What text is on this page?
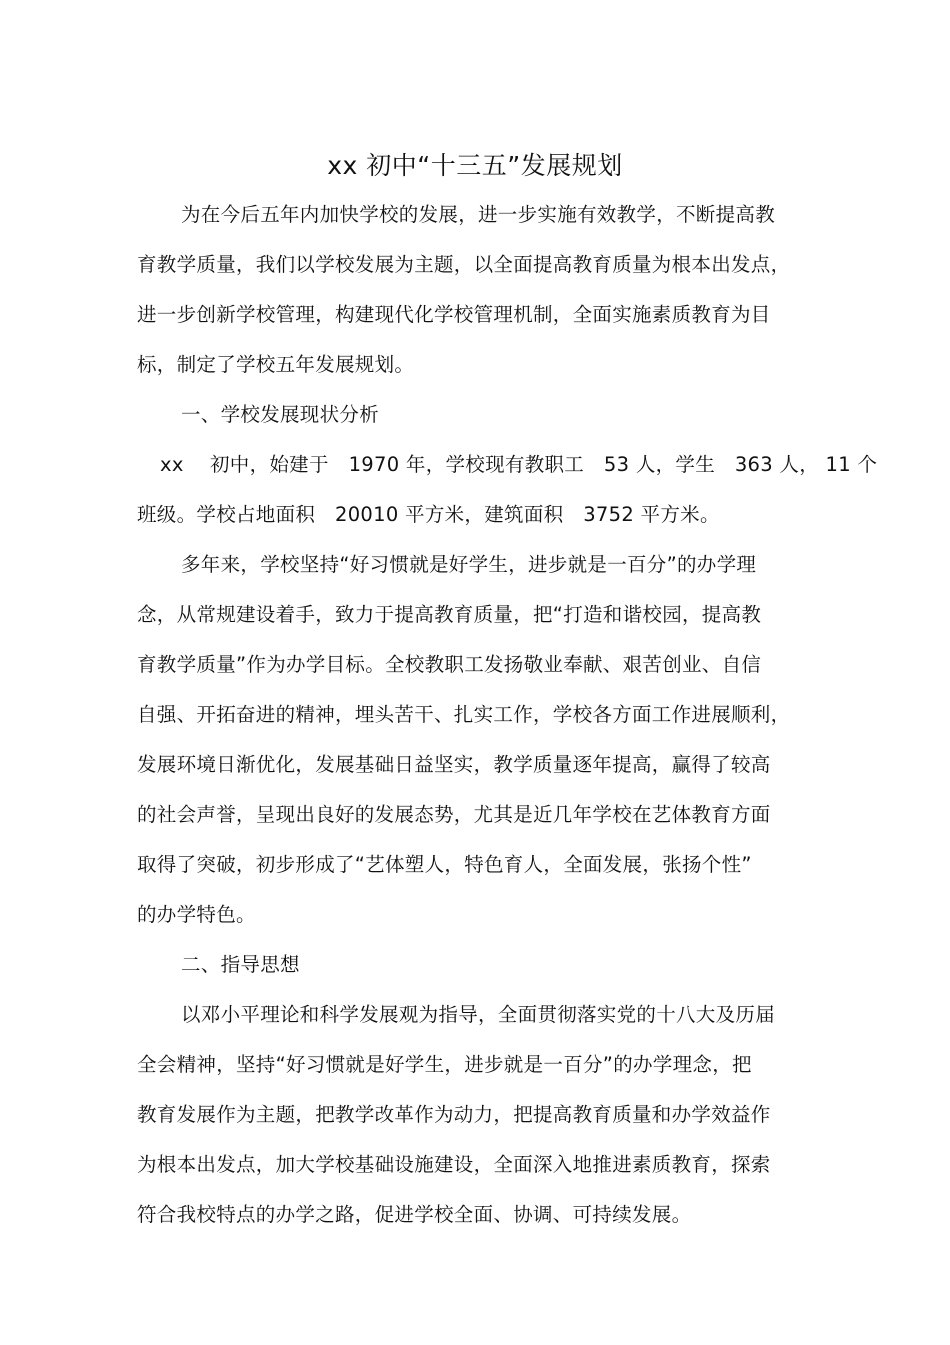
xx 初中“十三五”发展规划
为在今后五年内加快学校的发展，进一步实施有效教学，不断提高教
育教学质量，我们以学校发展为主题，以全面提高教育质量为根本出发点，
进一步创新学校管理，构建现代化学校管理机制，全面实施素质教育为目
标，制定了学校五年发展规划。
一、学校发展现状分析
xx　 初中，始建于　1970 年，学校现有教职工　53 人，学生　363 人， 11 个
班级。学校占地面积　20010 平方米，建筑面积　3752 平方米。
多年来，学校坚持“好习惯就是好学生，进步就是一百分”的办学理
念，从常规建设着手，致力于提高教育质量，把“打造和谐校园，提高教
育教学质量”作为办学目标。全校教职工发扬敬业奉献、艰苦创业、自信
自强、开拓奋进的精神，埋头苦干、扎实工作，学校各方面工作进展顺利，
发展环境日渐优化，发展基础日益坚实，教学质量逐年提高，赢得了较高
的社会声誉，呈现出良好的发展态势，尤其是近几年学校在艺体教育方面
取得了突破，初步形成了“艺体塑人，特色育人，全面发展，张扬个性”
的办学特色。
二、指导思想
以邓小平理论和科学发展观为指导，全面贯彻落实党的十八大及历届
全会精神，坚持“好习惯就是好学生，进步就是一百分”的办学理念，把
教育发展作为主题，把教学改革作为动力，把提高教育质量和办学效益作
为根本出发点，加大学校基础设施建设，全面深入地推进素质教育，探索
符合我校特点的办学之路，促进学校全面、协调、可持续发展。
